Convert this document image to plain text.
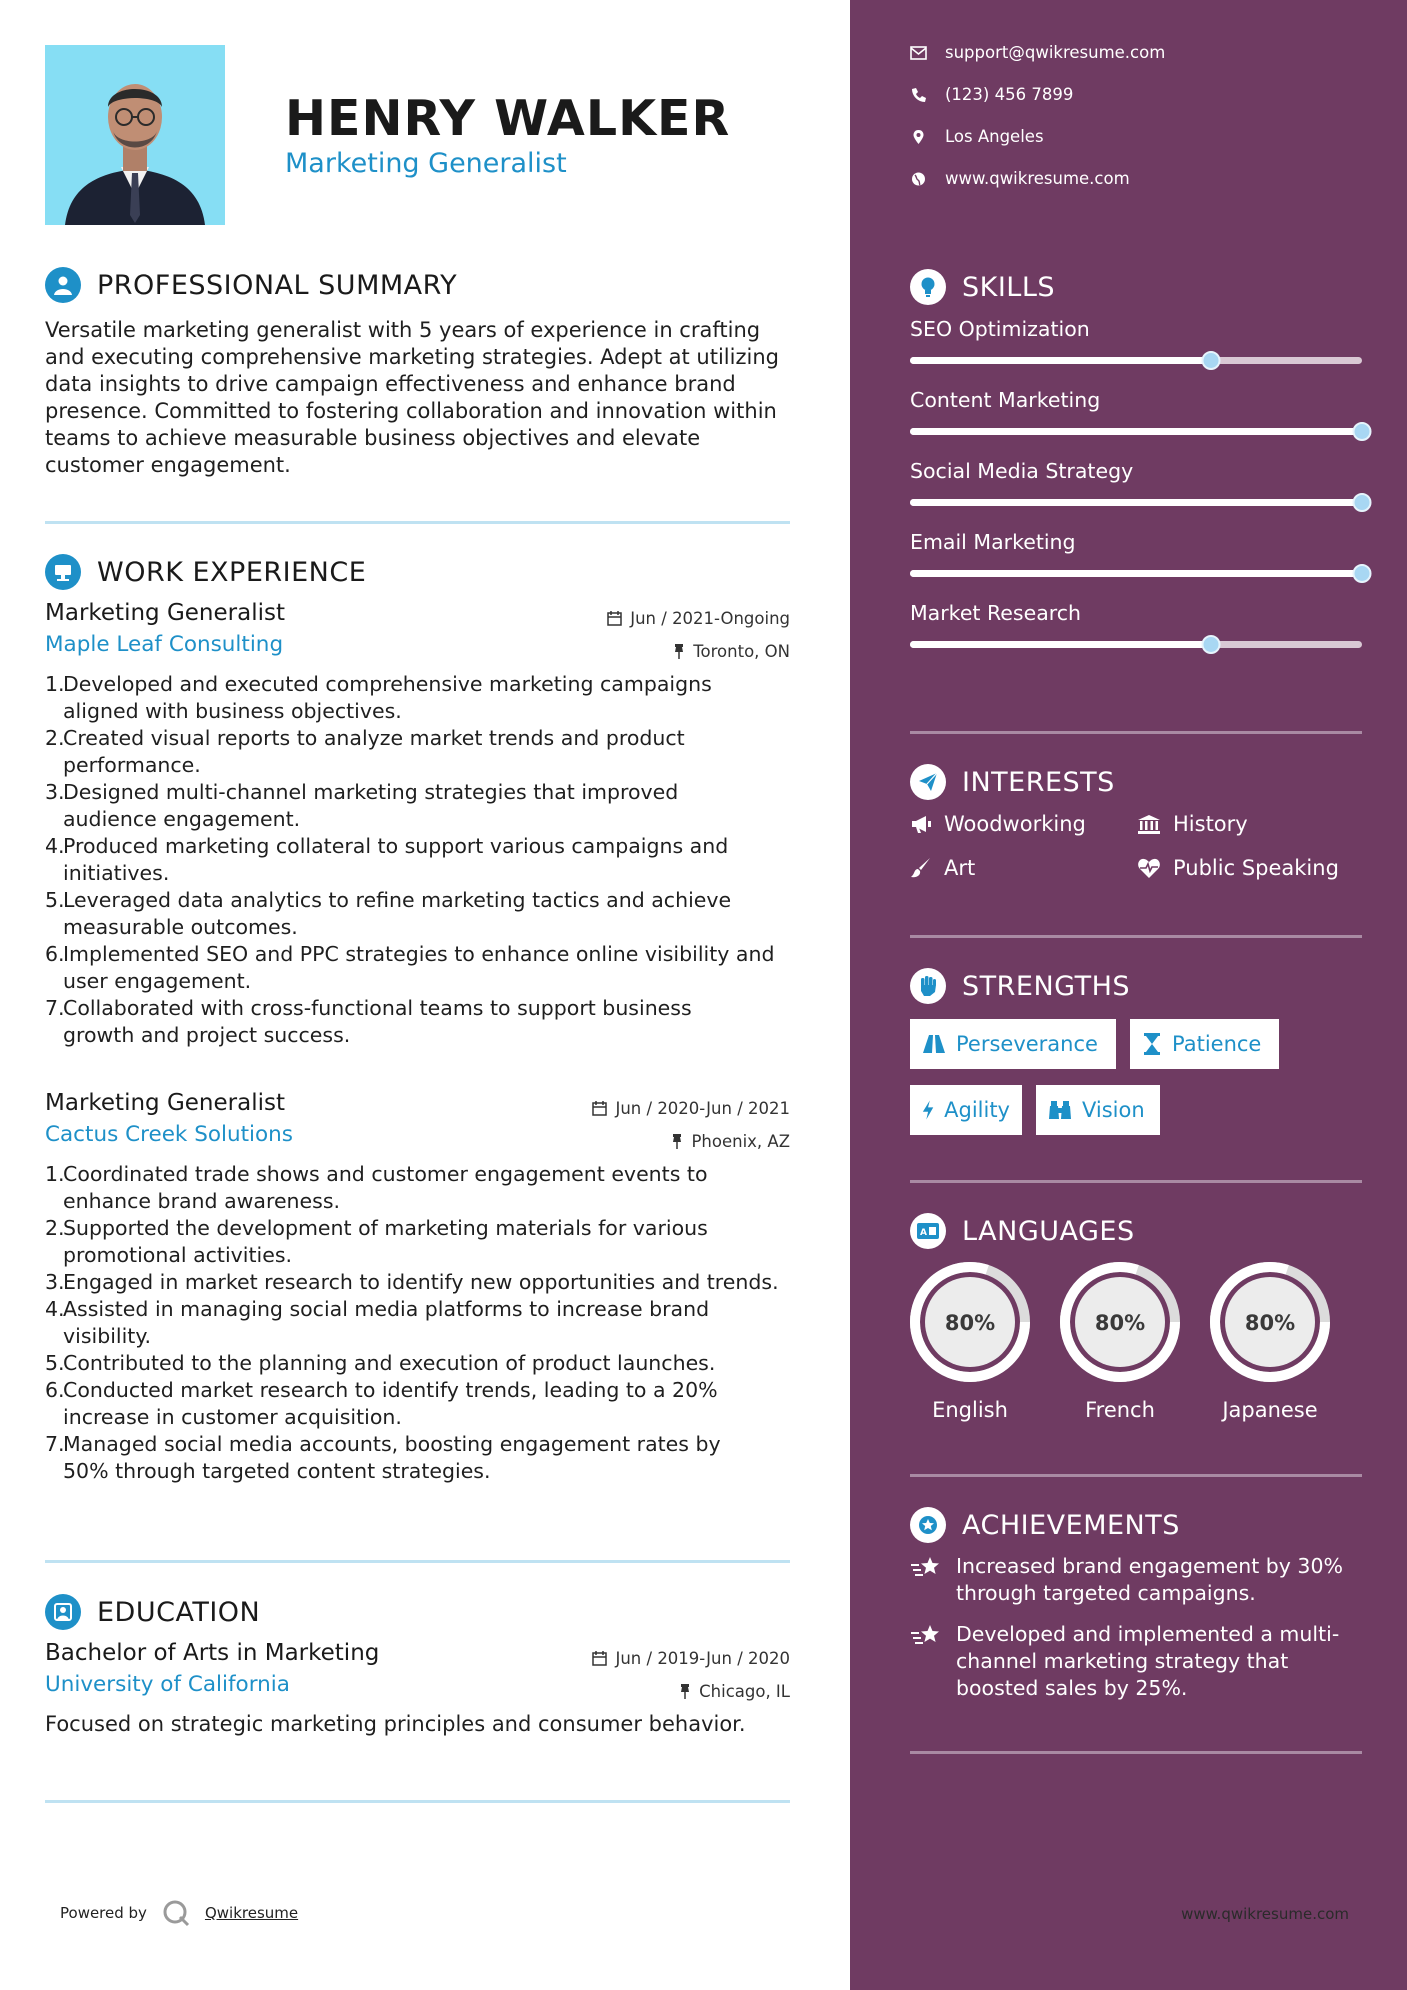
HENRY WALKER
Marketing Generalist
PROFESSIONAL SUMMARY
Versatile marketing generalist with 5 years of experience in crafting
and executing comprehensive marketing strategies. Adept at utilizing
data insights to drive campaign effectiveness and enhance brand
presence. Committed to fostering collaboration and innovation within
teams to achieve measurable business objectives and elevate
customer engagement.
WORK EXPERIENCE
Marketing Generalist
Maple Leaf Consulting
Jun / 2021-Ongoing
Toronto, ON
1.
Developed and executed comprehensive marketing campaigns
aligned with business objectives.
2.
Created visual reports to analyze market trends and product
performance.
3.
Designed multi-channel marketing strategies that improved
audience engagement.
4.
Produced marketing collateral to support various campaigns and
initiatives.
5.
Leveraged data analytics to refine marketing tactics and achieve
measurable outcomes.
6.
Implemented SEO and PPC strategies to enhance online visibility and
user engagement.
7.
Collaborated with cross-functional teams to support business
growth and project success.
Marketing Generalist
Cactus Creek Solutions
Jun / 2020-Jun / 2021
Phoenix, AZ
1.
Coordinated trade shows and customer engagement events to
enhance brand awareness.
2.
Supported the development of marketing materials for various
promotional activities.
3.
Engaged in market research to identify new opportunities and trends.
4.
Assisted in managing social media platforms to increase brand
visibility.
5.
Contributed to the planning and execution of product launches.
6.
Conducted market research to identify trends, leading to a 20%
increase in customer acquisition.
7.
Managed social media accounts, boosting engagement rates by
50% through targeted content strategies.
EDUCATION
Bachelor of Arts in Marketing
University of California
Jun / 2019-Jun / 2020
Chicago, IL
Focused on strategic marketing principles and consumer behavior.
Powered by	Qwikresume
support@qwikresume.com
(123) 456 7899
Los Angeles
www.qwikresume.com
SKILLS
SEO Optimization
Content Marketing
Social Media Strategy
Email Marketing
Market Research
INTERESTS
Woodworking	History
Art	Public Speaking
STRENGTHS
Perseverance	Patience
Agility	Vision
A LANGUAGES
80%
English
80%
French
80%
Japanese
ACHIEVEMENTS
Increased brand engagement by 30%
through targeted campaigns.
Developed and implemented a multi-
channel marketing strategy that
boosted sales by 25%.
www.qwikresume.com
